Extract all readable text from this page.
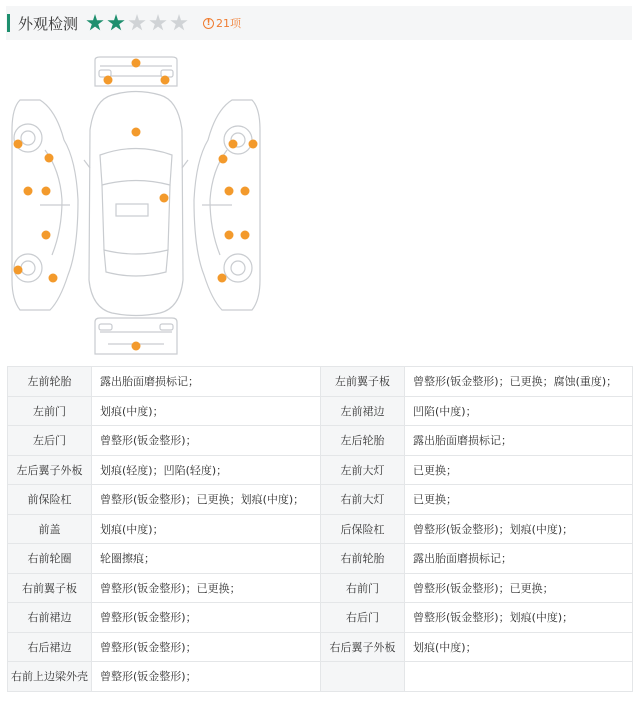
外观检测	! 21项
左前轮胎	露出胎面磨损标记；	左前翼子板	曾整形(钣金整形)；已更换；腐蚀(重度)；
左前门	划痕(中度)；	左前裙边	凹陷(中度)；
左后门	曾整形(钣金整形)；	左后轮胎	露出胎面磨损标记；
左后翼子外板	划痕(轻度)；凹陷(轻度)；	左前大灯	已更换；
前保险杠	曾整形(钣金整形)；已更换；划痕(中度)；	右前大灯	已更换；
前盖	划痕(中度)；	后保险杠	曾整形(钣金整形)；划痕(中度)；
右前轮圈	轮圈擦痕；	右前轮胎	露出胎面磨损标记；
右前翼子板	曾整形(钣金整形)；已更换；	右前门	曾整形(钣金整形)；已更换；
右前裙边	曾整形(钣金整形)；	右后门	曾整形(钣金整形)；划痕(中度)；
右后裙边	曾整形(钣金整形)；	右后翼子外板	划痕(中度)；
右前上边梁外壳	曾整形(钣金整形)；		
